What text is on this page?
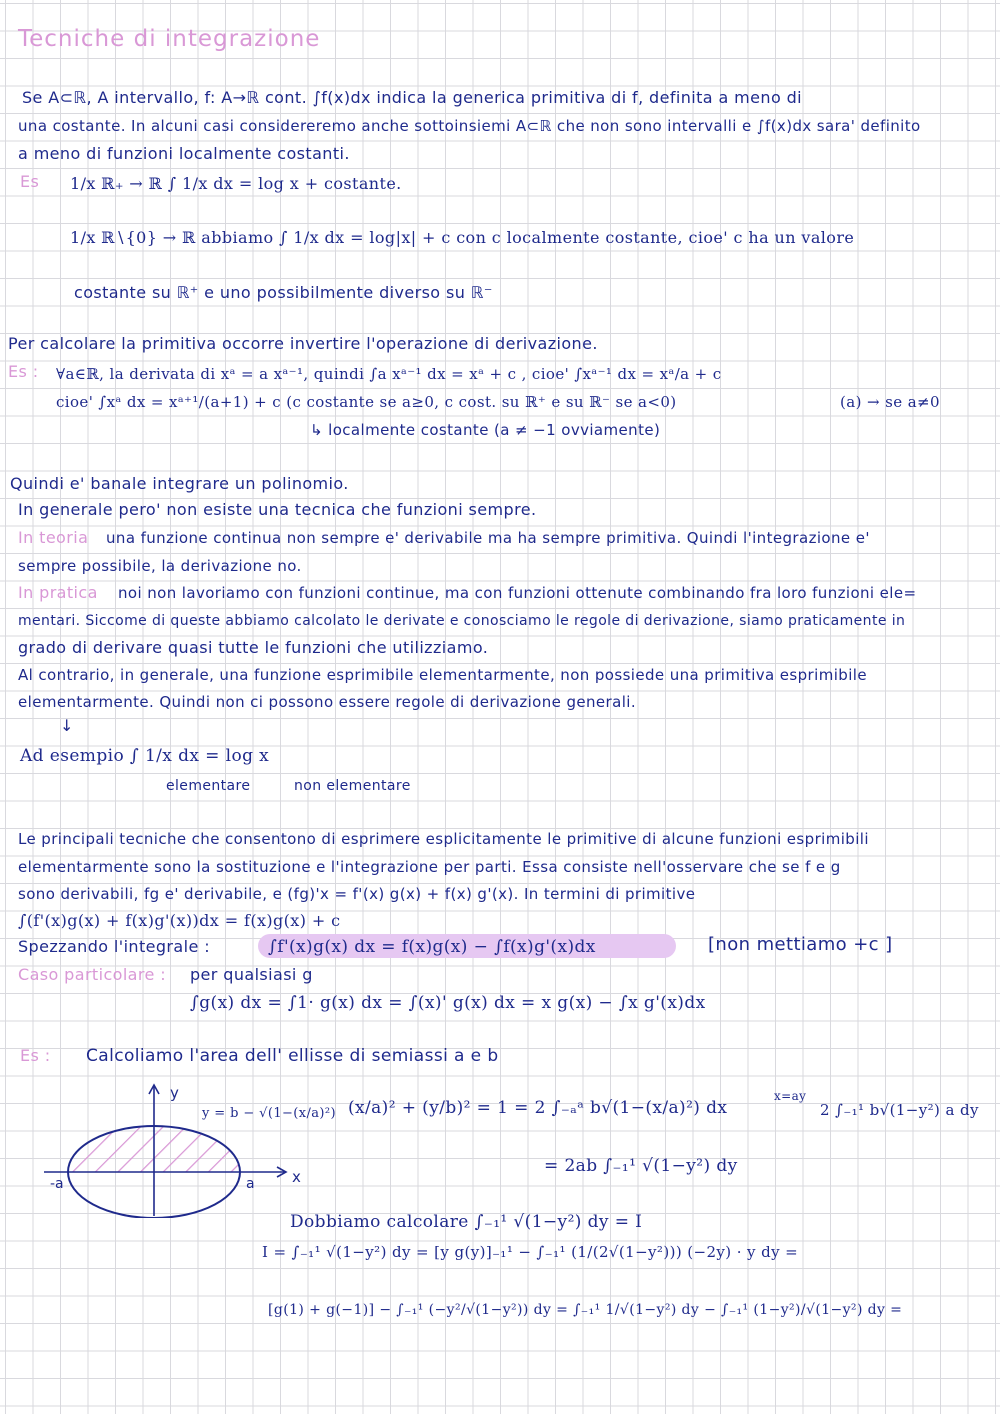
Tecniche di integrazione
Se A⊂ℝ, A intervallo, f: A→ℝ cont. ∫f(x)dx indica la generica primitiva di f, definita a meno di
una costante. In alcuni casi considereremo anche sottoinsiemi A⊂ℝ che non sono intervalli e ∫f(x)dx sara' definito
a meno di funzioni localmente costanti.
Es 1/x ℝ₊ → ℝ ∫ 1/x dx = log x + costante.
1/x ℝ∖{0} → ℝ abbiamo ∫ 1/x dx = log|x| + c con c localmente costante, cioe' c ha un valore
costante su ℝ⁺ e uno possibilmente diverso su ℝ⁻
Per calcolare la primitiva occorre invertire l'operazione di derivazione.
Es : ∀a∈ℝ, la derivata di xᵃ = a xᵃ⁻¹, quindi ∫a xᵃ⁻¹ dx = xᵃ + c , cioe' ∫xᵃ⁻¹ dx = xᵃ/a + c
(a) → se a≠0
cioe' ∫xᵃ dx = xᵃ⁺¹/(a+1) + c (c costante se a≥0, c cost. su ℝ⁺ e su ℝ⁻ se a<0)
↳ localmente costante (a ≠ −1 ovviamente)
Quindi e' banale integrare un polinomio.
In generale pero' non esiste una tecnica che funzioni sempre.
In teoria una funzione continua non sempre e' derivabile ma ha sempre primitiva. Quindi l'integrazione e'
sempre possibile, la derivazione no.
In pratica noi non lavoriamo con funzioni continue, ma con funzioni ottenute combinando fra loro funzioni ele=
mentari. Siccome di queste abbiamo calcolato le derivate e conosciamo le regole di derivazione, siamo praticamente in
grado di derivare quasi tutte le funzioni che utilizziamo.
Al contrario, in generale, una funzione esprimibile elementarmente, non possiede una primitiva esprimibile
elementarmente. Quindi non ci possono essere regole di derivazione generali.
↓
Ad esempio ∫ 1/x dx = log x
elementare	non elementare
Le principali tecniche che consentono di esprimere esplicitamente le primitive di alcune funzioni esprimibili
elementarmente sono la sostituzione e l'integrazione per parti. Essa consiste nell'osservare che se f e g
sono derivabili, fg e' derivabile, e (fg)'x = f'(x) g(x) + f(x) g'(x). In termini di primitive
∫(f'(x)g(x) + f(x)g'(x))dx = f(x)g(x) + c
Spezzando l'integrale :	∫f'(x)g(x) dx = f(x)g(x) − ∫f(x)g'(x)dx	[non mettiamo +c ]
Caso particolare : per qualsiasi g
∫g(x) dx = ∫1· g(x) dx = ∫(x)' g(x) dx = x g(x) − ∫x g'(x)dx
Es : Calcoliamo l'area dell' ellisse di semiassi a e b
y
x
-a	a
y = b − √(1−(x/a)²) (x/a)² + (y/b)² = 1 = 2 ∫₋ₐᵃ b√(1−(x/a)²) dx
x=ay
2 ∫₋₁¹ b√(1−y²) a dy
= 2ab ∫₋₁¹ √(1−y²) dy
Dobbiamo calcolare ∫₋₁¹ √(1−y²) dy = I
I = ∫₋₁¹ √(1−y²) dy = [y g(y)]₋₁¹ − ∫₋₁¹ (1/(2√(1−y²))) (−2y) · y dy =
[g(1) + g(−1)] − ∫₋₁¹ (−y²/√(1−y²)) dy = ∫₋₁¹ 1/√(1−y²) dy − ∫₋₁¹ (1−y²)/√(1−y²) dy =
